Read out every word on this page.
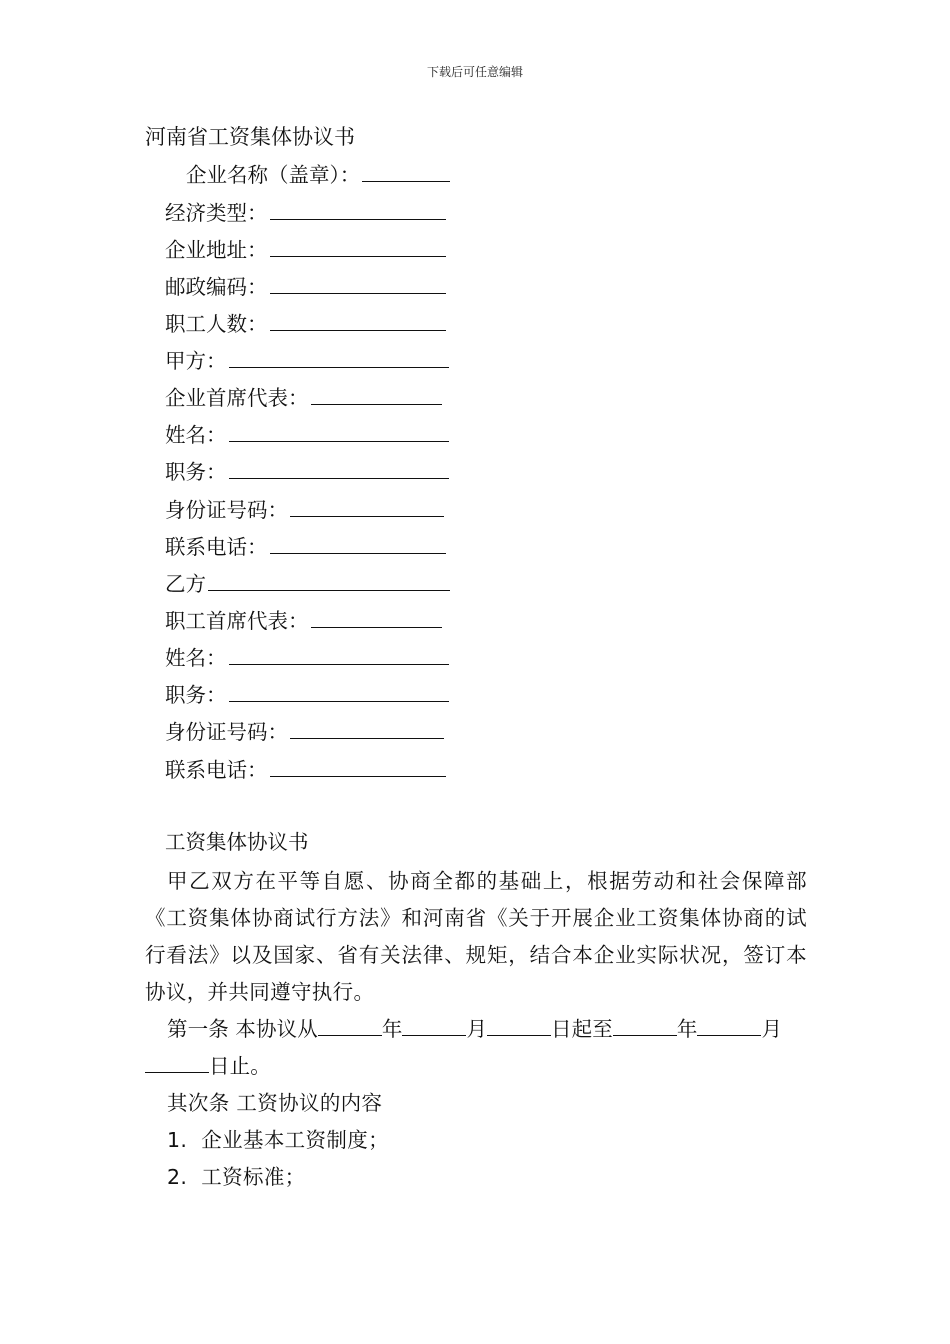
下载后可任意编辑
河南省工资集体协议书
企业名称（盖章）：
经济类型：
企业地址：
邮政编码：
职工人数：
甲方：
企业首席代表：
姓名：
职务：
身份证号码：
联系电话：
乙方
职工首席代表：
姓名：
职务：
身份证号码：
联系电话：
工资集体协议书

甲乙双方在平等自愿、协商全都的基础上，根据劳动和社会保障部《工资集体协商试行方法》和河南省《关于开展企业工资集体协商的试行看法》以及国家、省有关法律、规矩，结合本企业实际状况，签订本协议，并共同遵守执行。

第一条 本协议从	年	月	日起至	年	月日止。

其次条 工资协议的内容

1. 企业基本工资制度；

2. 工资标准；
